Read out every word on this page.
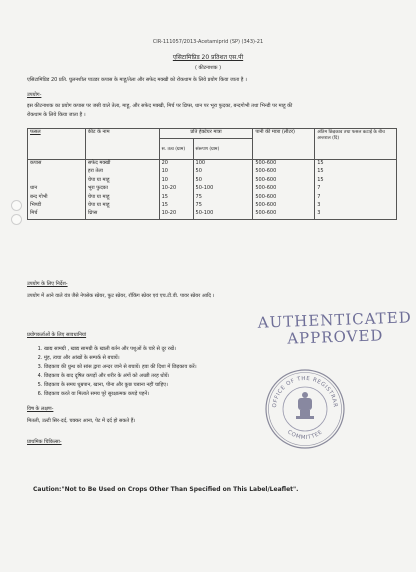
CIR-111057/2013-Acetamiprid (SP) (343)-21
एसिटामिप्रिड 20 प्रतिशत एस.पी
( कीटनाशक )
एसिटामिप्रिड 20 प्रति. घुलनशील पाउडर कपास के माहू/तेला और सफेद मक्खी को रोकथाम के लिये प्रयोग किया जाता है ।
उपयोग-
इस कीटनाशक का प्रयोग कपास पर जसी वाले तेला, माहू, और सफेद मक्खी, मिर्च पर थ्रिप्स, धान पर भूरा फुदका, बन्दगोभी तथा भिन्डी पर माहू की
रोकथाम के लिये किया जाता है ।
फसल	कीट के नाम	प्रति हेक्टेयर मात्रा		पानी की मात्रा (लीटर)	अंतिम छिड़काव तथा फसल कटाई के बीच अन्तराल (दि)
		स. तत्व (ग्राम)	संरूपण (ग्राम)		
कपास	सफेद मक्खी	20	100	500-600	15
	हरा तेला	10	50	500-600	15
	चेपा या माहू	10	50	500-600	15
धान	भूरा फुदका	10-20	50-100	500-600	7
बन्द गोभी	चेपा या माहू	15	75	500-600	7
भिण्डी	चेपा या माहू	15	75	500-600	3
मिर्च	थ्रिप्स	10-20	50-100	500-600	3
उपयोग के लिए निर्देश-
उपयोग में आने वाले यंत्र जैसे नेपसेक स्प्रेयर, फुट स्प्रेयर, रॉकिंग स्प्रेयर एवं एच.टी.वी. पावर स्प्रेयर आदि ।
AUTHENTICATED
APPROVED
प्रयोगकर्ताओं के लिए सावधानियां
1. खाद्य सामग्री , खाद्य सामग्री के खाली बर्तन और पशुओं के चारे से दूर रखें।
2. मुंह, त्वचा और आंखों के सम्पर्क से बचायें।
3. छिड़काव की धुन्ध को सांस द्वारा अन्दर जाने से बचायें। हवा की दिशा में छिड़काव करें।
4. छिड़काव के बाद दूषित कपड़ों और शरीर के अंगों को अच्छी तरह धोयें।
5. छिड़काव के समय धूम्रपान, खाना, पीना और कुछ चबाना नहीं चाहिए।
6. छिड़काव करते या मिलाते समय पूरे सुरक्षात्मक कपड़े पहनें।
OFFICE OF THE REGISTRAR
COMMITTEE
विष के लक्षण-
मितली, उल्टी सिर-दर्द, चक्कर आना, पेट में दर्द हो सकते हैं।
प्राथमिक चिकित्सा-
Caution:"Not to Be Used on Crops Other Than Specified on This Label/Leaflet".
